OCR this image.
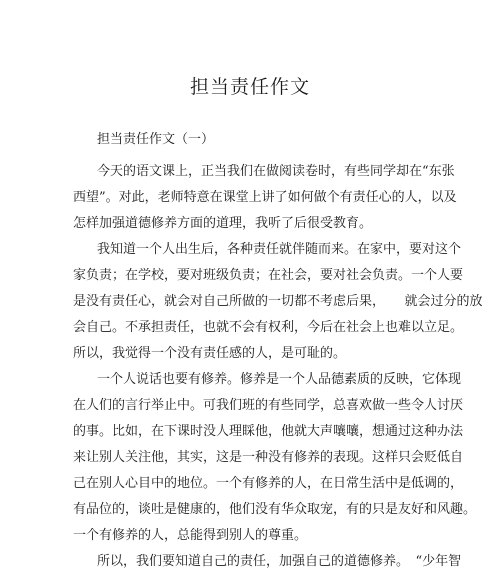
担当责任作文
担当责任作文（一）
今天的语文课上，正当我们在做阅读卷时，有些同学却在“东张
西望”。对此，老师特意在课堂上讲了如何做个有责任心的人，以及
怎样加强道德修养方面的道理，我听了后很受教育。
我知道一个人出生后，各种责任就伴随而来。在家中，要对这个
家负责；在学校，要对班级负责；在社会，要对社会负责。一个人要
是没有责任心，就会对自己所做的一切都不考虑后果，　　就会过分的放
会自己。不承担责任，也就不会有权利，今后在社会上也难以立足。
所以，我觉得一个没有责任感的人，是可耻的。
一个人说话也要有修养。修养是一个人品德素质的反映，它体现
在人们的言行举止中。可我们班的有些同学，总喜欢做一些令人讨厌
的事。比如，在下课时没人理睬他，他就大声嚷嚷，想通过这种办法
来让别人关注他，其实，这是一种没有修养的表现。这样只会贬低自
己在别人心目中的地位。一个有修养的人，在日常生活中是低调的，
有品位的，谈吐是健康的，他们没有华众取宠，有的只是友好和风趣。
一个有修养的人，总能得到别人的尊重。
所以，我们要知道自己的责任，加强自己的道德修养。　“少年智
